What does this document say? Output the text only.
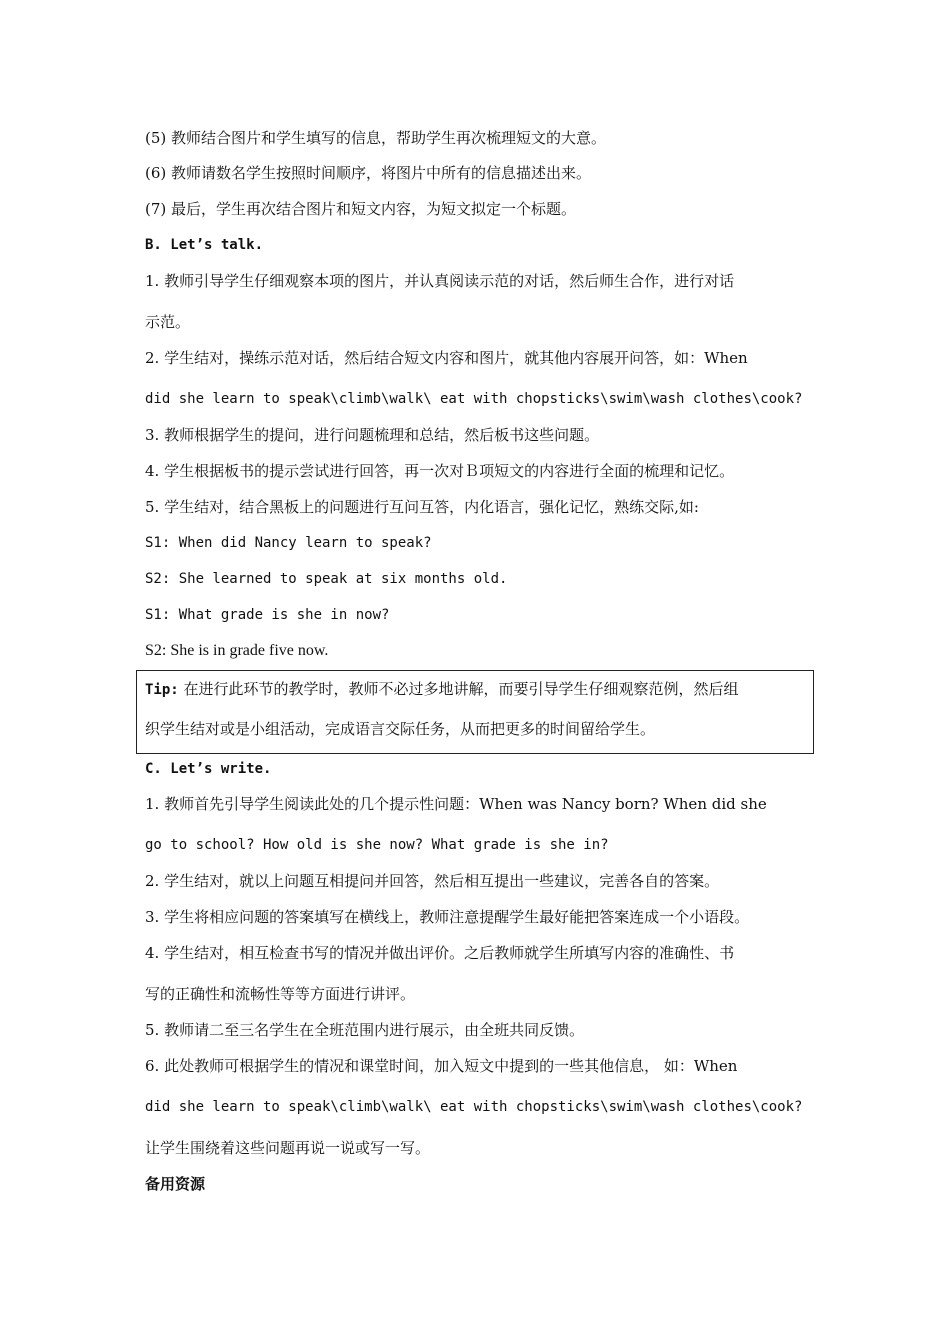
(5) 教师结合图片和学生填写的信息，帮助学生再次梳理短文的大意。
(6) 教师请数名学生按照时间顺序，将图片中所有的信息描述出来。
(7) 最后，学生再次结合图片和短文内容，为短文拟定一个标题。
B. Let’s talk.
1. 教师引导学生仔细观察本项的图片，并认真阅读示范的对话，然后师生合作，进行对话
示范。
2. 学生结对，操练示范对话，然后结合短文内容和图片，就其他内容展开问答，如：When
did she learn to speak\climb\walk\ eat with chopsticks\swim\wash clothes\cook?
3. 教师根据学生的提问，进行问题梳理和总结，然后板书这些问题。
4. 学生根据板书的提示尝试进行回答，再一次对Ｂ项短文的内容进行全面的梳理和记忆。
5. 学生结对，结合黑板上的问题进行互问互答，内化语言，强化记忆，熟练交际,如:
S1: When did Nancy learn to speak?
S2: She learned to speak at six months old.
S1: What grade is she in now?
S2: She is in grade five now.
Tip: 在进行此环节的教学时，教师不必过多地讲解，而要引导学生仔细观察范例，然后组
织学生结对或是小组活动，完成语言交际任务，从而把更多的时间留给学生。
C. Let’s write.
1. 教师首先引导学生阅读此处的几个提示性问题：When was Nancy born? When did she
go to school? How old is she now? What grade is she in?
2. 学生结对，就以上问题互相提问并回答，然后相互提出一些建议，完善各自的答案。
3. 学生将相应问题的答案填写在横线上，教师注意提醒学生最好能把答案连成一个小语段。
4. 学生结对，相互检查书写的情况并做出评价。之后教师就学生所填写内容的准确性、书
写的正确性和流畅性等等方面进行讲评。
5. 教师请二至三名学生在全班范围内进行展示，由全班共同反馈。
6. 此处教师可根据学生的情况和课堂时间，加入短文中提到的一些其他信息， 如：When
did she learn to speak\climb\walk\ eat with chopsticks\swim\wash clothes\cook?
让学生围绕着这些问题再说一说或写一写。
备用资源
